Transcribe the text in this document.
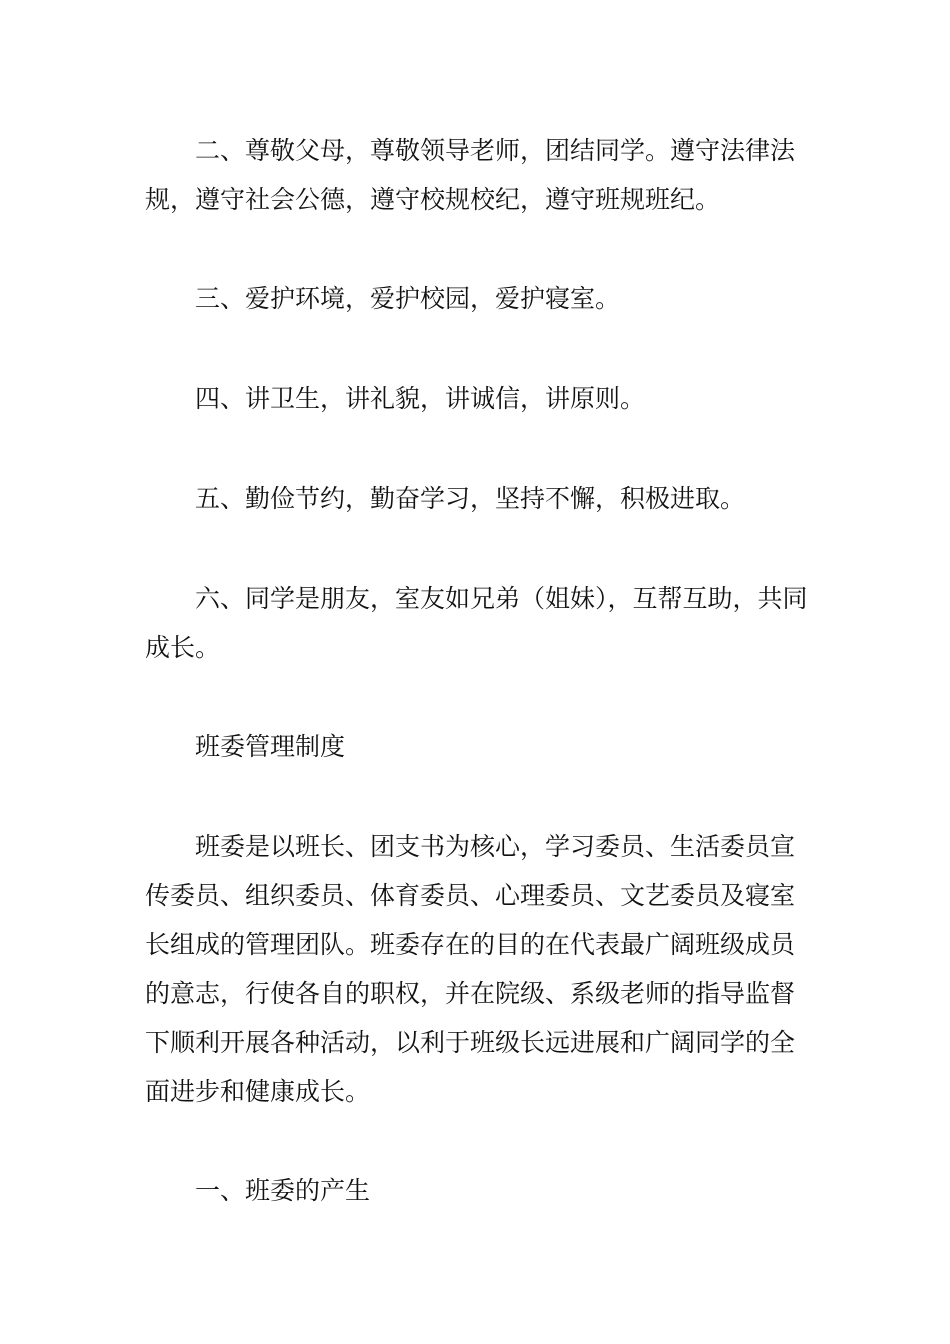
二、尊敬父母，尊敬领导老师，团结同学。遵守法律法规，遵守社会公德，遵守校规校纪，遵守班规班纪。

三、爱护环境，爱护校园，爱护寝室。

四、讲卫生，讲礼貌，讲诚信，讲原则。

五、勤俭节约，勤奋学习，坚持不懈，积极进取。

六、同学是朋友，室友如兄弟（姐妹），互帮互助，共同成长。

班委管理制度

班委是以班长、团支书为核心，学习委员、生活委员宣传委员、组织委员、体育委员、心理委员、文艺委员及寝室长组成的管理团队。班委存在的目的在代表最广阔班级成员的意志，行使各自的职权，并在院级、系级老师的指导监督下顺利开展各种活动，以利于班级长远进展和广阔同学的全面进步和健康成长。

一、班委的产生
